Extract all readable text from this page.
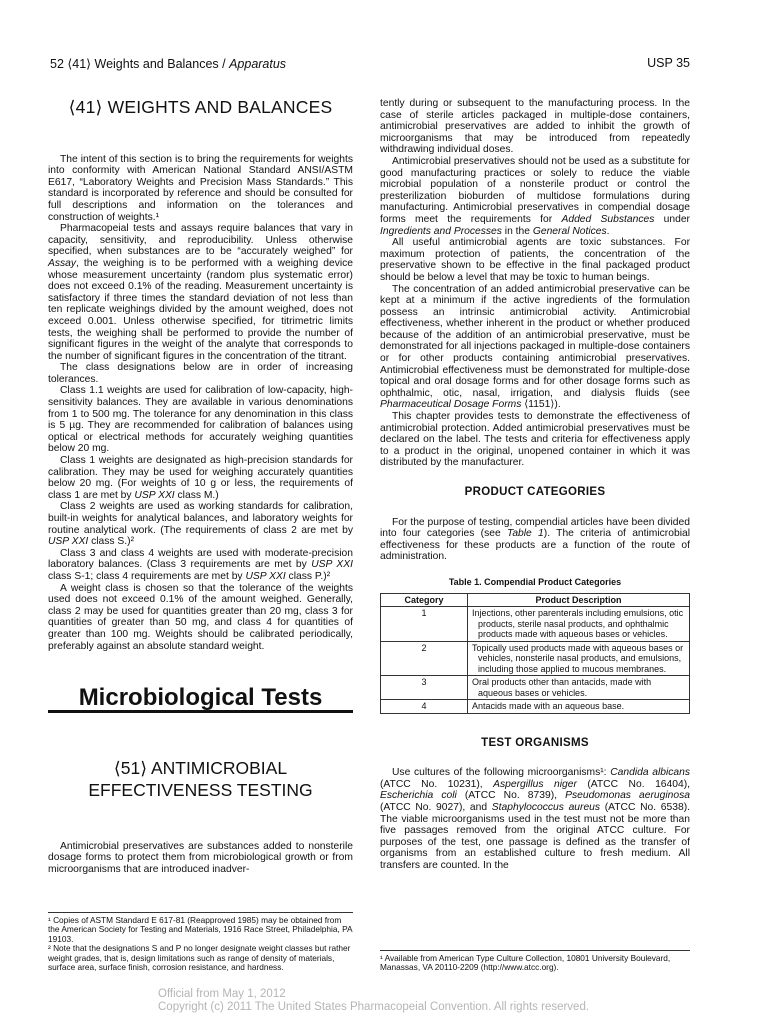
52 ⟨41⟩ Weights and Balances / Apparatus	USP 35
⟨41⟩ WEIGHTS AND BALANCES

The intent of this section is to bring the requirements for weights into conformity with American National Standard ANSI/ASTM E617, “Laboratory Weights and Precision Mass Standards.” This standard is incorporated by reference and should be consulted for full descriptions and information on the tolerances and construction of weights.¹

Pharmacopeial tests and assays require balances that vary in capacity, sensitivity, and reproducibility. Unless otherwise specified, when substances are to be “accurately weighed” for Assay, the weighing is to be performed with a weighing device whose measurement uncertainty (random plus systematic error) does not exceed 0.1% of the reading. Measurement uncertainty is satisfactory if three times the standard deviation of not less than ten replicate weighings divided by the amount weighed, does not exceed 0.001. Unless otherwise specified, for titrimetric limits tests, the weighing shall be performed to provide the number of significant figures in the weight of the analyte that corresponds to the number of significant figures in the concentration of the titrant.

The class designations below are in order of increasing tolerances.

Class 1.1 weights are used for calibration of low-capacity, high-sensitivity balances. They are available in various denominations from 1 to 500 mg. The tolerance for any denomination in this class is 5 µg. They are recommended for calibration of balances using optical or electrical methods for accurately weighing quantities below 20 mg.

Class 1 weights are designated as high-precision standards for calibration. They may be used for weighing accurately quantities below 20 mg. (For weights of 10 g or less, the requirements of class 1 are met by USP XXI class M.)

Class 2 weights are used as working standards for calibration, built-in weights for analytical balances, and laboratory weights for routine analytical work. (The requirements of class 2 are met by USP XXI class S.)²

Class 3 and class 4 weights are used with moderate-precision laboratory balances. (Class 3 requirements are met by USP XXI class S-1; class 4 requirements are met by USP XXI class P.)²

A weight class is chosen so that the tolerance of the weights used does not exceed 0.1% of the amount weighed. Generally, class 2 may be used for quantities greater than 20 mg, class 3 for quantities of greater than 50 mg, and class 4 for quantities of greater than 100 mg. Weights should be calibrated periodically, preferably against an absolute standard weight.

Microbiological Tests
⟨51⟩ ANTIMICROBIAL EFFECTIVENESS TESTING

Antimicrobial preservatives are substances added to nonsterile dosage forms to protect them from microbiological growth or from microorganisms that are introduced inadver-

tently during or subsequent to the manufacturing process. In the case of sterile articles packaged in multiple-dose containers, antimicrobial preservatives are added to inhibit the growth of microorganisms that may be introduced from repeatedly withdrawing individual doses.

Antimicrobial preservatives should not be used as a substitute for good manufacturing practices or solely to reduce the viable microbial population of a nonsterile product or control the presterilization bioburden of multidose formulations during manufacturing. Antimicrobial preservatives in compendial dosage forms meet the requirements for Added Substances under Ingredients and Processes in the General Notices.

All useful antimicrobial agents are toxic substances. For maximum protection of patients, the concentration of the preservative shown to be effective in the final packaged product should be below a level that may be toxic to human beings.

The concentration of an added antimicrobial preservative can be kept at a minimum if the active ingredients of the formulation possess an intrinsic antimicrobial activity. Antimicrobial effectiveness, whether inherent in the product or whether produced because of the addition of an antimicrobial preservative, must be demonstrated for all injections packaged in multiple-dose containers or for other products containing antimicrobial preservatives. Antimicrobial effectiveness must be demonstrated for multiple-dose topical and oral dosage forms and for other dosage forms such as ophthalmic, otic, nasal, irrigation, and dialysis fluids (see Pharmaceutical Dosage Forms ⟨1151⟩).

This chapter provides tests to demonstrate the effectiveness of antimicrobial protection. Added antimicrobial preservatives must be declared on the label. The tests and criteria for effectiveness apply to a product in the original, unopened container in which it was distributed by the manufacturer.

PRODUCT CATEGORIES

For the purpose of testing, compendial articles have been divided into four categories (see Table 1). The criteria of antimicrobial effectiveness for these products are a function of the route of administration.

Table 1. Compendial Product Categories
Category	Product Description
1	Injections, other parenterals including emulsions, otic products, sterile nasal products, and ophthalmic products made with aqueous bases or vehicles.
2	Topically used products made with aqueous bases or vehicles, nonsterile nasal products, and emulsions, including those applied to mucous membranes.
3	Oral products other than antacids, made with aqueous bases or vehicles.
4	Antacids made with an aqueous base.
TEST ORGANISMS

Use cultures of the following microorganisms¹: Candida albicans (ATCC No. 10231), Aspergillus niger (ATCC No. 16404), Escherichia coli (ATCC No. 8739), Pseudomonas aeruginosa (ATCC No. 9027), and Staphylococcus aureus (ATCC No. 6538). The viable microorganisms used in the test must not be more than five passages removed from the original ATCC culture. For purposes of the test, one passage is defined as the transfer of organisms from an established culture to fresh medium. All transfers are counted. In the

¹ Copies of ASTM Standard E 617-81 (Reapproved 1985) may be obtained from the American Society for Testing and Materials, 1916 Race Street, Philadelphia, PA 19103.

² Note that the designations S and P no longer designate weight classes but rather weight grades, that is, design limitations such as range of density of materials, surface area, surface finish, corrosion resistance, and hardness.

¹ Available from American Type Culture Collection, 10801 University Boulevard, Manassas, VA 20110-2209 (http://www.atcc.org).

Official from May 1, 2012
Copyright (c) 2011 The United States Pharmacopeial Convention. All rights reserved.
